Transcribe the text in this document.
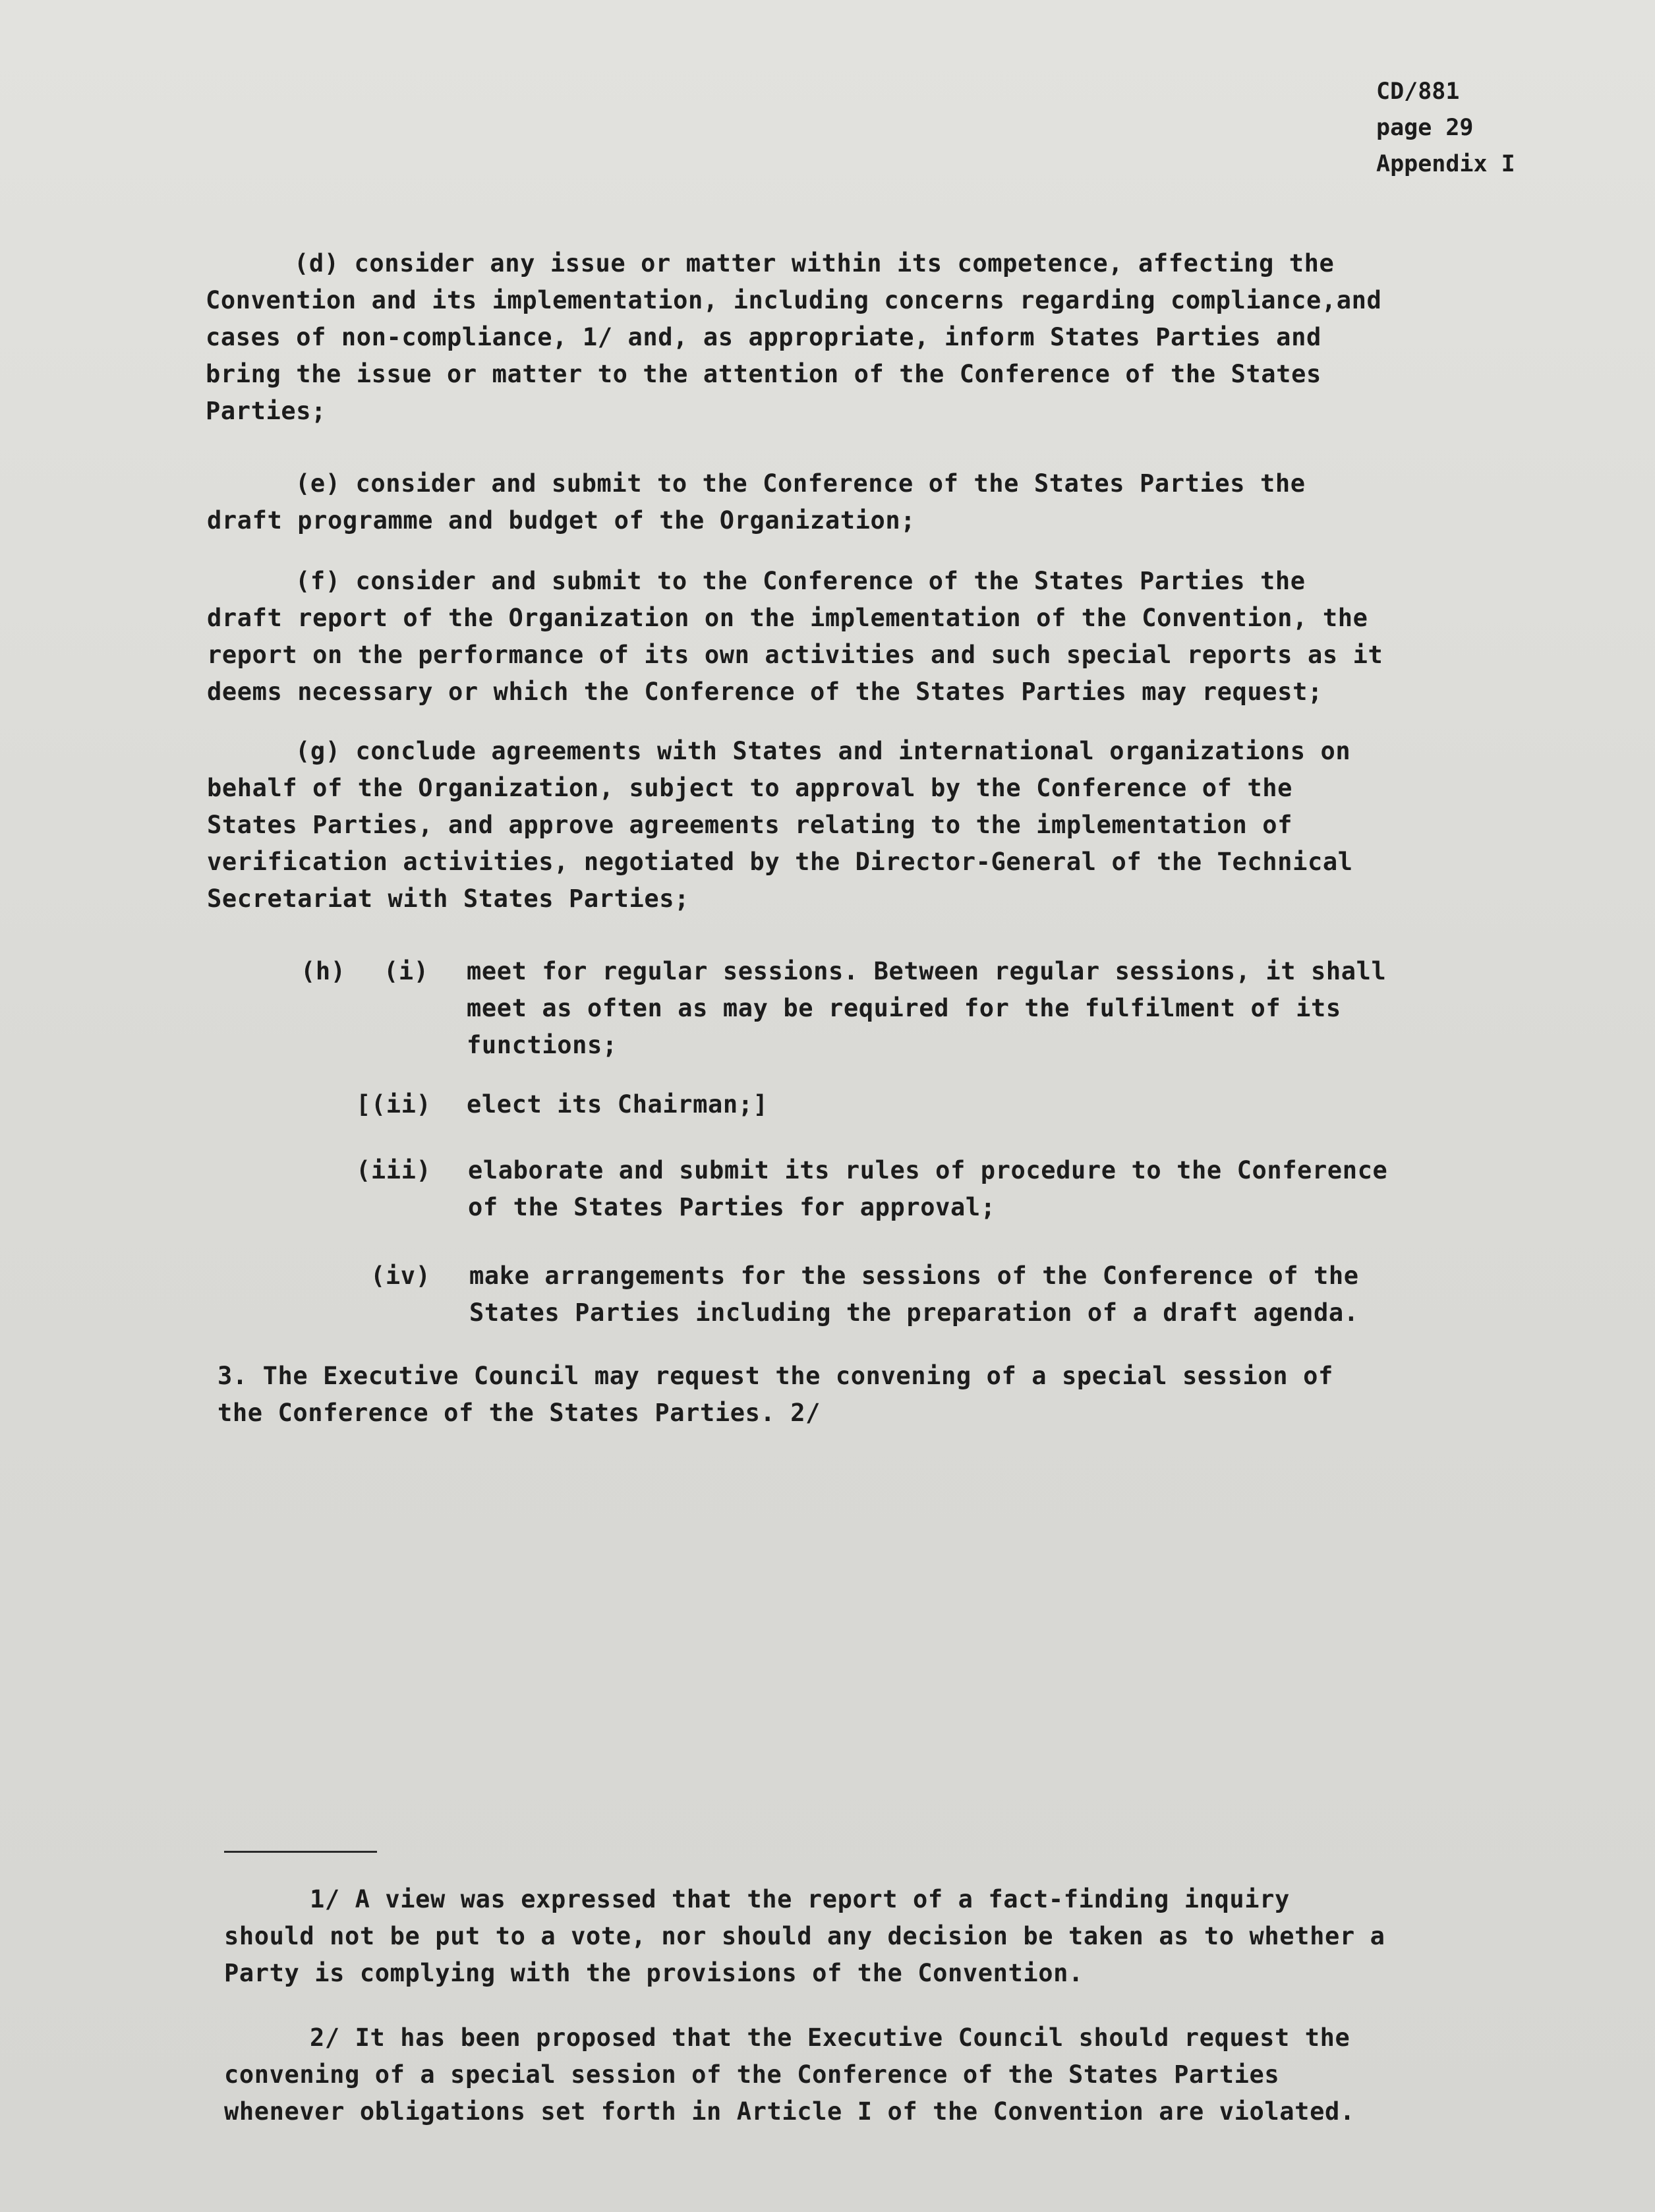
CD/881
page 29
Appendix I
(d) consider any issue or matter within its competence, affecting the
Convention and its implementation, including concerns regarding compliance,and
cases of non-compliance, 1/ and, as appropriate, inform States Parties and
bring the issue or matter to the attention of the Conference of the States
Parties;
(e) consider and submit to the Conference of the States Parties the
draft programme and budget of the Organization;
(f) consider and submit to the Conference of the States Parties the
draft report of the Organization on the implementation of the Convention, the
report on the performance of its own activities and such special reports as it
deems necessary or which the Conference of the States Parties may request;
(g) conclude agreements with States and international organizations on
behalf of the Organization, subject to approval by the Conference of the
States Parties, and approve agreements relating to the implementation of
verification activities, negotiated by the Director-General of the Technical
Secretariat with States Parties;
(h) (i) meet for regular sessions. Between regular sessions, it shall
meet as often as may be required for the fulfilment of its
functions;
[(ii) elect its Chairman;]
(iii) elaborate and submit its rules of procedure to the Conference
of the States Parties for approval;
(iv) make arrangements for the sessions of the Conference of the
States Parties including the preparation of a draft agenda.
3. The Executive Council may request the convening of a special session of
the Conference of the States Parties. 2/
1/ A view was expressed that the report of a fact-finding inquiry
should not be put to a vote, nor should any decision be taken as to whether a
Party is complying with the provisions of the Convention.
2/ It has been proposed that the Executive Council should request the
convening of a special session of the Conference of the States Parties
whenever obligations set forth in Article I of the Convention are violated.
